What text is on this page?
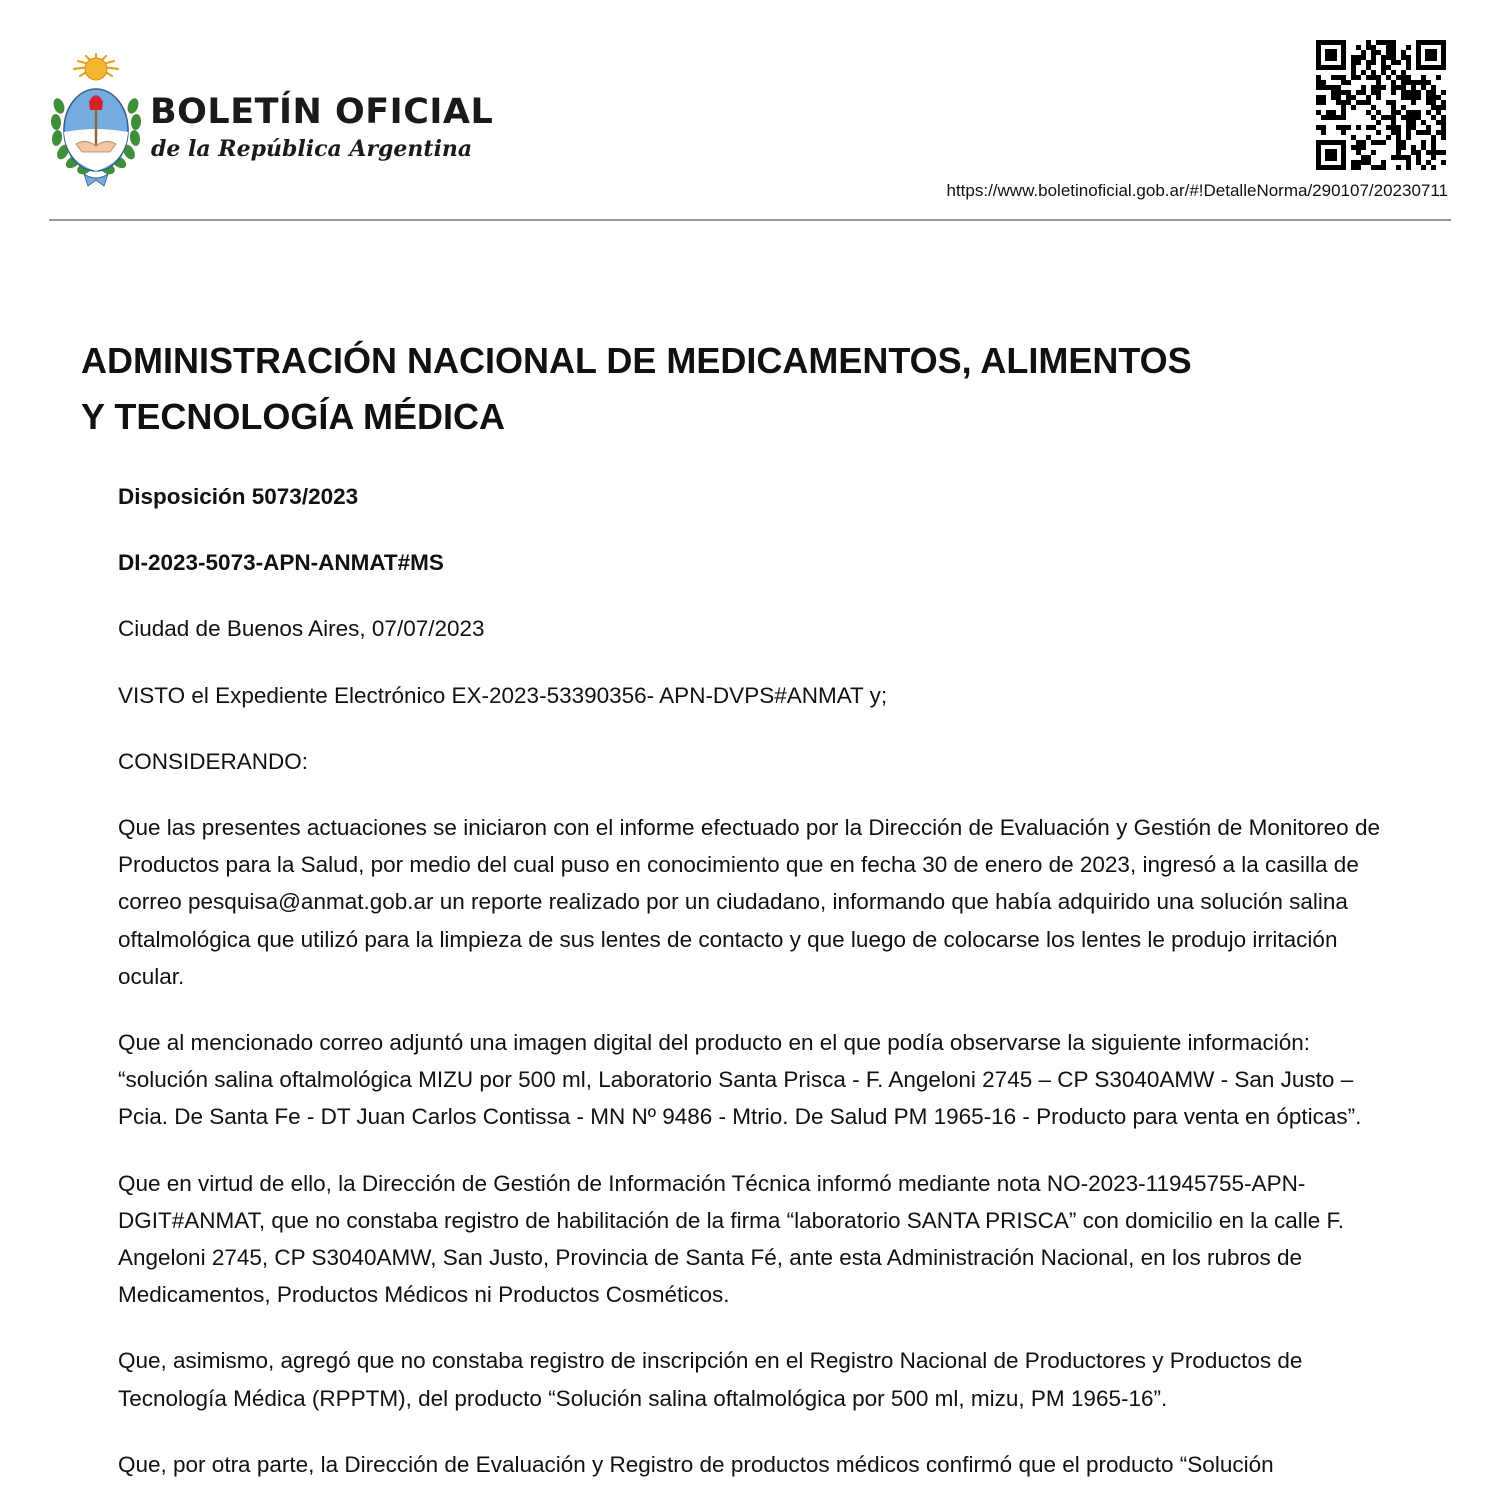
BOLETÍN OFICIAL
de la República Argentina
https://www.boletinoficial.gob.ar/#!DetalleNorma/290107/20230711
ADMINISTRACIÓN NACIONAL DE MEDICAMENTOS, ALIMENTOS
Y TECNOLOGÍA MÉDICA

Disposición 5073/2023

DI-2023-5073-APN-ANMAT#MS

Ciudad de Buenos Aires, 07/07/2023

VISTO el Expediente Electrónico EX-2023-53390356- APN-DVPS#ANMAT y;

CONSIDERANDO:

Que las presentes actuaciones se iniciaron con el informe efectuado por la Dirección de Evaluación y Gestión de Monitoreo de Productos para la Salud, por medio del cual puso en conocimiento que en fecha 30 de enero de 2023, ingresó a la casilla de correo pesquisa@anmat.gob.ar un reporte realizado por un ciudadano, informando que había adquirido una solución salina oftalmológica que utilizó para la limpieza de sus lentes de contacto y que luego de colocarse los lentes le produjo irritación ocular.

Que al mencionado correo adjuntó una imagen digital del producto en el que podía observarse la siguiente información: “solución salina oftalmológica MIZU por 500 ml, Laboratorio Santa Prisca - F. Angeloni 2745 – CP S3040AMW - San Justo – Pcia. De Santa Fe - DT Juan Carlos Contissa - MN Nº 9486 - Mtrio. De Salud PM 1965-16 - Producto para venta en ópticas”.

Que en virtud de ello, la Dirección de Gestión de Información Técnica informó mediante nota NO-2023-11945755-APN-DGIT#ANMAT, que no constaba registro de habilitación de la firma “laboratorio SANTA PRISCA” con domicilio en la calle F. Angeloni 2745, CP S3040AMW, San Justo, Provincia de Santa Fé, ante esta Administración Nacional, en los rubros de Medicamentos, Productos Médicos ni Productos Cosméticos.

Que, asimismo, agregó que no constaba registro de inscripción en el Registro Nacional de Productores y Productos de Tecnología Médica (RPPTM), del producto “Solución salina oftalmológica por 500 ml, mizu, PM 1965-16”.

Que, por otra parte, la Dirección de Evaluación y Registro de productos médicos confirmó que el producto “Solución
